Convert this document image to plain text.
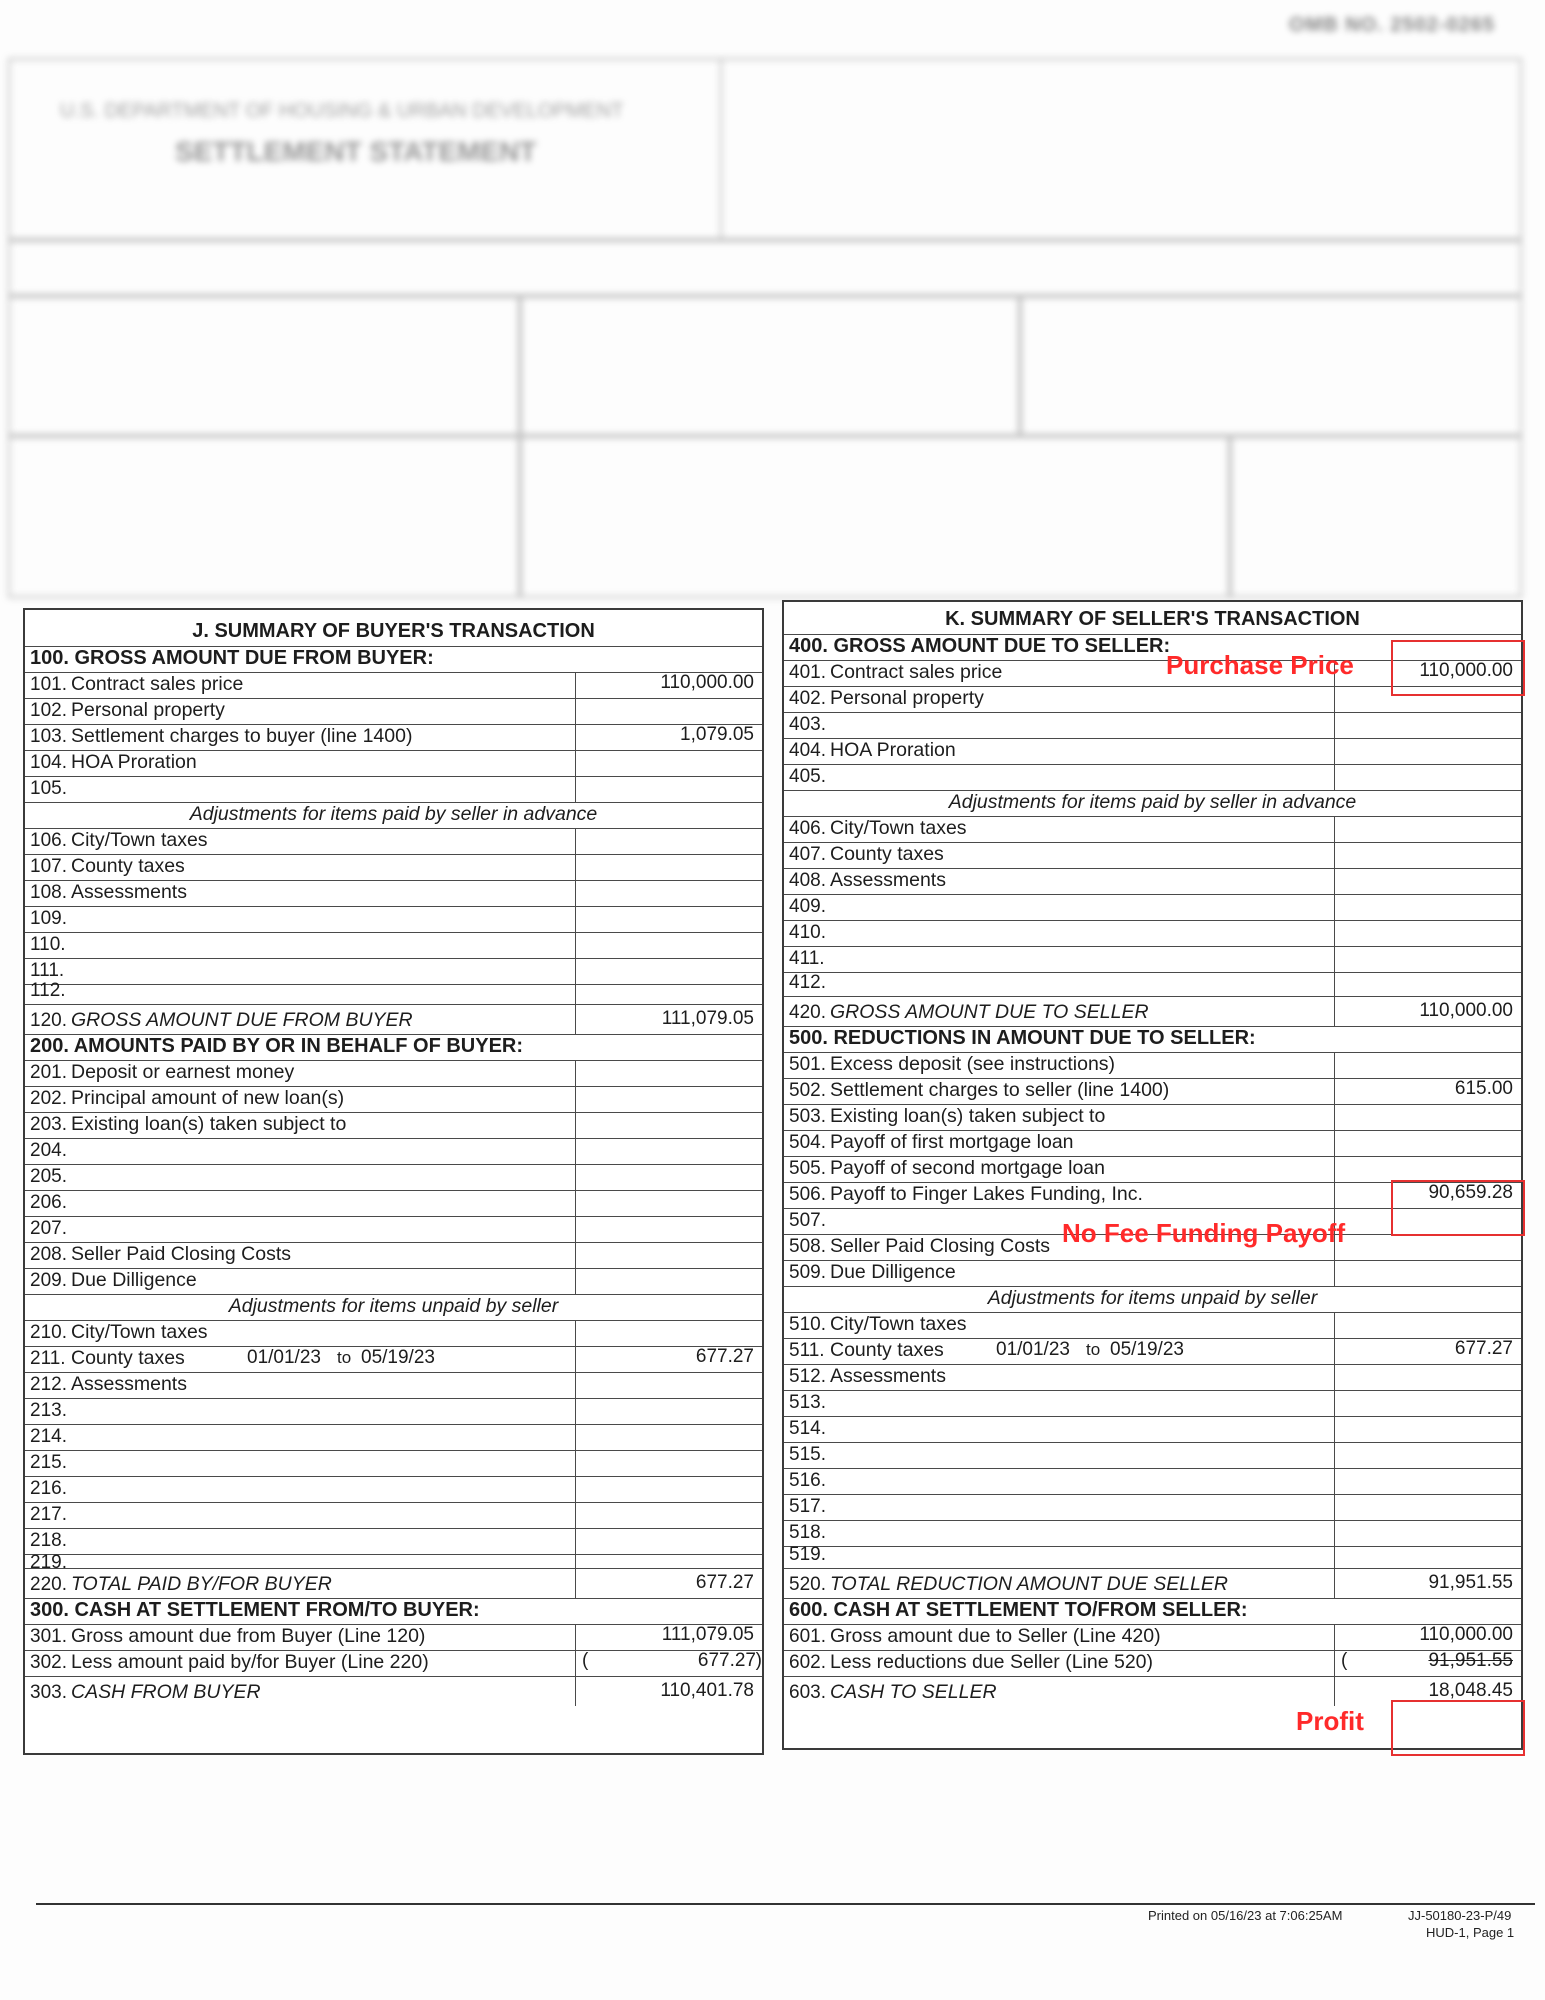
OMB NO. 2502-0265
U.S. DEPARTMENT OF HOUSING & URBAN DEVELOPMENT
SETTLEMENT STATEMENT
J. SUMMARY OF BUYER'S TRANSACTION
100. GROSS AMOUNT DUE FROM BUYER:
101. Contract sales price	110,000.00
102. Personal property
103. Settlement charges to buyer (line 1400)	1,079.05
104. HOA Proration
105.
Adjustments for items paid by seller in advance
106. City/Town taxes
107. County taxes
108. Assessments
109.
110.
111.
112.
120. GROSS AMOUNT DUE FROM BUYER	111,079.05
200. AMOUNTS PAID BY OR IN BEHALF OF BUYER:
201. Deposit or earnest money
202. Principal amount of new loan(s)
203. Existing loan(s) taken subject to
204.
205.
206.
207.
208. Seller Paid Closing Costs
209. Due Dilligence
Adjustments for items unpaid by seller
210. City/Town taxes
211. County taxes	01/01/23 to 05/19/23	677.27
212. Assessments
213.
214.
215.
216.
217.
218.
219.
220. TOTAL PAID BY/FOR BUYER	677.27
300. CASH AT SETTLEMENT FROM/TO BUYER:
301. Gross amount due from Buyer (Line 120)	111,079.05
302. Less amount paid by/for Buyer (Line 220)	(	677.27 )
303. CASH FROM BUYER	110,401.78
K. SUMMARY OF SELLER'S TRANSACTION
400. GROSS AMOUNT DUE TO SELLER:
401. Contract sales price	110,000.00
402. Personal property
403.
404. HOA Proration
405.
Adjustments for items paid by seller in advance
406. City/Town taxes
407. County taxes
408. Assessments
409.
410.
411.
412.
420. GROSS AMOUNT DUE TO SELLER	110,000.00
500. REDUCTIONS IN AMOUNT DUE TO SELLER:
501. Excess deposit (see instructions)
502. Settlement charges to seller (line 1400)	615.00
503. Existing loan(s) taken subject to
504. Payoff of first mortgage loan
505. Payoff of second mortgage loan
506. Payoff to Finger Lakes Funding, Inc.	90,659.28
507.
508. Seller Paid Closing Costs
509. Due Dilligence
Adjustments for items unpaid by seller
510. City/Town taxes
511. County taxes	01/01/23 to 05/19/23	677.27
512. Assessments
513.
514.
515.
516.
517.
518.
519.
520. TOTAL REDUCTION AMOUNT DUE SELLER	91,951.55
600. CASH AT SETTLEMENT TO/FROM SELLER:
601. Gross amount due to Seller (Line 420)	110,000.00
602. Less reductions due Seller (Line 520)	(	91,951.55
603. CASH TO SELLER	18,048.45
Purchase Price
No Fee Funding Payoff
Profit
Printed on 05/16/23 at 7:06:25AM	JJ-50180-23-P/49
HUD-1, Page 1
